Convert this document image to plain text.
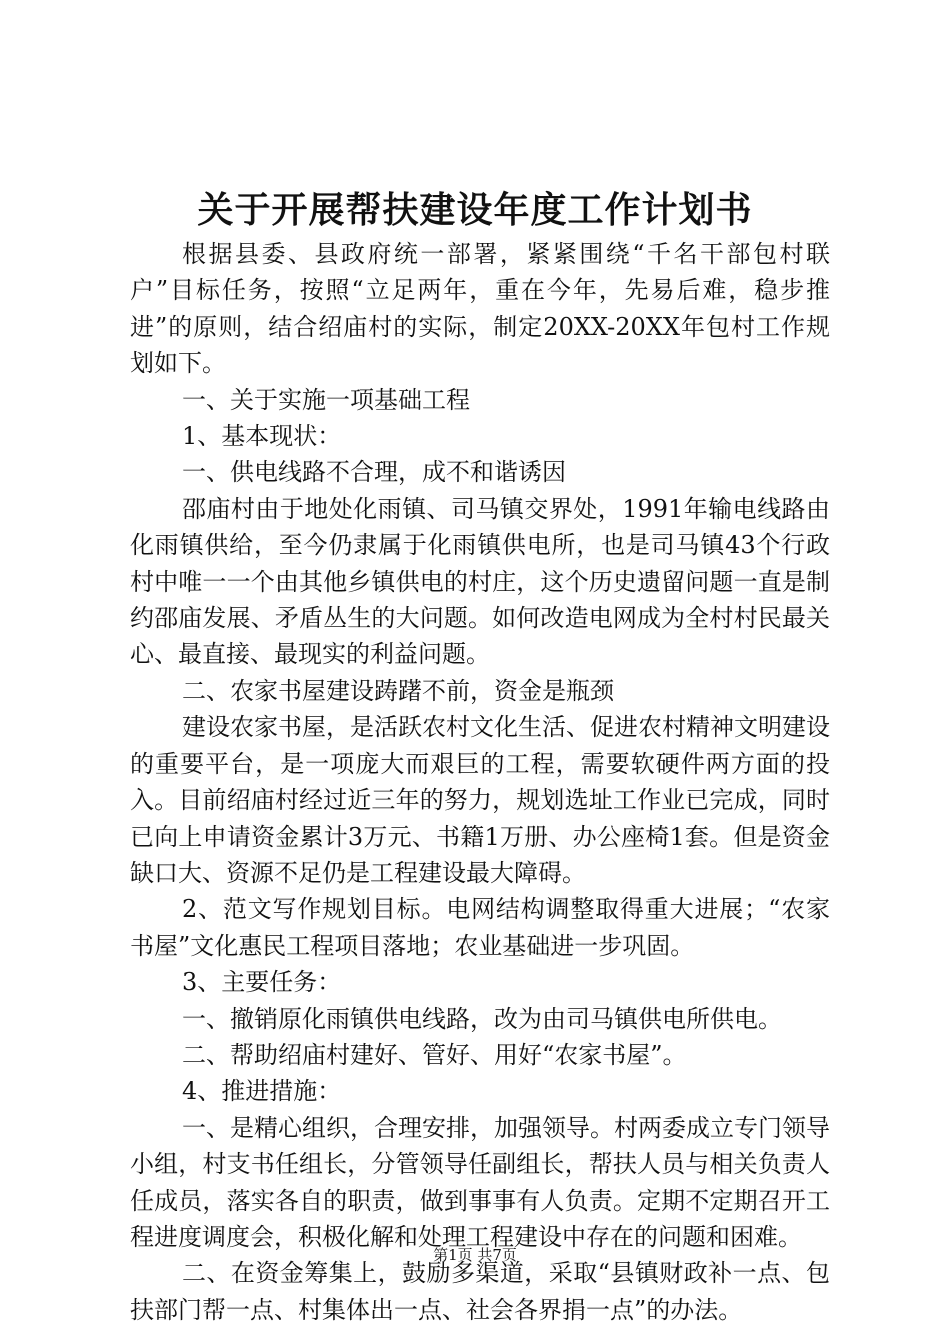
关于开展帮扶建设年度工作计划书

根据县委、县政府统一部署，紧紧围绕“千名干部包村联户”目标任务，按照“立足两年，重在今年，先易后难，稳步推进”的原则，结合绍庙村的实际，制定20XX-20XX年包村工作规划如下。

一、关于实施一项基础工程

1、基本现状：

一、供电线路不合理，成不和谐诱因

邵庙村由于地处化雨镇、司马镇交界处，1991年输电线路由化雨镇供给，至今仍隶属于化雨镇供电所，也是司马镇43个行政村中唯一一个由其他乡镇供电的村庄，这个历史遗留问题一直是制约邵庙发展、矛盾丛生的大问题。如何改造电网成为全村村民最关心、最直接、最现实的利益问题。

二、农家书屋建设踌躇不前，资金是瓶颈

建设农家书屋，是活跃农村文化生活、促进农村精神文明建设的重要平台，是一项庞大而艰巨的工程，需要软硬件两方面的投入。目前绍庙村经过近三年的努力，规划选址工作业已完成，同时已向上申请资金累计3万元、书籍1万册、办公座椅1套。但是资金缺口大、资源不足仍是工程建设最大障碍。

2、范文写作规划目标。电网结构调整取得重大进展；“农家书屋”文化惠民工程项目落地；农业基础进一步巩固。

3、主要任务：

一、撤销原化雨镇供电线路，改为由司马镇供电所供电。

二、帮助绍庙村建好、管好、用好“农家书屋”。

4、推进措施：

一、是精心组织，合理安排，加强领导。村两委成立专门领导小组，村支书任组长，分管领导任副组长，帮扶人员与相关负责人任成员，落实各自的职责，做到事事有人负责。定期不定期召开工程进度调度会，积极化解和处理工程建设中存在的问题和困难。

二、在资金筹集上，鼓励多渠道，采取“县镇财政补一点、包扶部门帮一点、村集体出一点、社会各界捐一点”的办法。

第1页 共7页
